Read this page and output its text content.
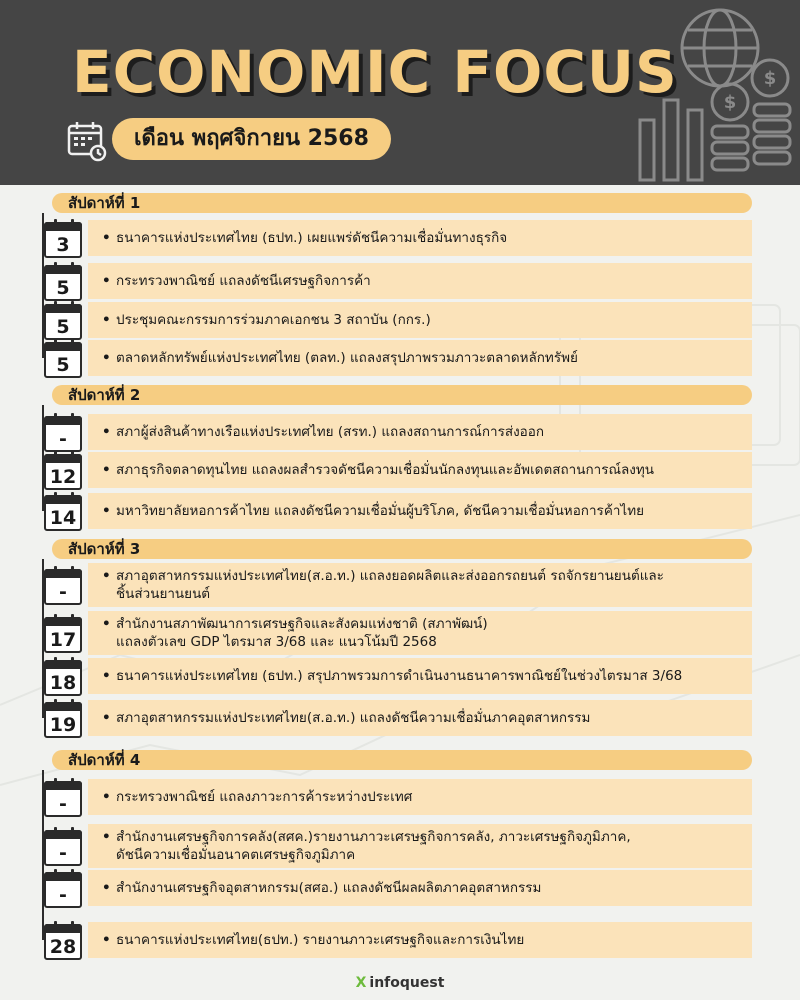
$
$
ECONOMIC FOCUS
เดือน พฤศจิกายน 2568
สัปดาห์ที่ 1
• ธนาคารแห่งประเทศไทย (ธปท.) เผยแพร่ดัชนีความเชื่อมั่นทางธุรกิจ
3
• กระทรวงพาณิชย์ แถลงดัชนีเศรษฐกิจการค้า
5
• ประชุมคณะกรรมการร่วมภาคเอกชน 3 สถาบัน (กกร.)
5
• ตลาดหลักทรัพย์แห่งประเทศไทย (ตลท.) แถลงสรุปภาพรวมภาวะตลาดหลักทรัพย์
5
สัปดาห์ที่ 2
• สภาผู้ส่งสินค้าทางเรือแห่งประเทศไทย (สรท.) แถลงสถานการณ์การส่งออก
-
• สภาธุรกิจตลาดทุนไทย แถลงผลสำรวจดัชนีความเชื่อมั่นนักลงทุนและอัพเดตสถานการณ์ลงทุน
12
• มหาวิทยาลัยหอการค้าไทย แถลงดัชนีความเชื่อมั่นผู้บริโภค, ดัชนีความเชื่อมั่นหอการค้าไทย
14
สัปดาห์ที่ 3
• สภาอุตสาหกรรมแห่งประเทศไทย(ส.อ.ท.) แถลงยอดผลิตและส่งออกรถยนต์ รถจักรยานยนต์และ
ชิ้นส่วนยานยนต์
-
• สำนักงานสภาพัฒนาการเศรษฐกิจและสังคมแห่งชาติ (สภาพัฒน์)
แถลงตัวเลข GDP ไตรมาส 3/68 และ แนวโน้มปี 2568
17
• ธนาคารแห่งประเทศไทย (ธปท.) สรุปภาพรวมการดำเนินงานธนาคารพาณิชย์ในช่วงไตรมาส 3/68
18
• สภาอุตสาหกรรมแห่งประเทศไทย(ส.อ.ท.) แถลงดัชนีความเชื่อมั่นภาคอุตสาหกรรม
19
สัปดาห์ที่ 4
• กระทรวงพาณิชย์ แถลงภาวะการค้าระหว่างประเทศ
-
• สำนักงานเศรษฐกิจการคลัง(สศค.)รายงานภาวะเศรษฐกิจการคลัง, ภาวะเศรษฐกิจภูมิภาค,
ดัชนีความเชื่อมั่นอนาคตเศรษฐกิจภูมิภาค
-
• สำนักงานเศรษฐกิจอุตสาหกรรม(สศอ.) แถลงดัชนีผลผลิตภาคอุตสาหกรรม
-
• ธนาคารแห่งประเทศไทย(ธปท.) รายงานภาวะเศรษฐกิจและการเงินไทย
28
X infoquest
